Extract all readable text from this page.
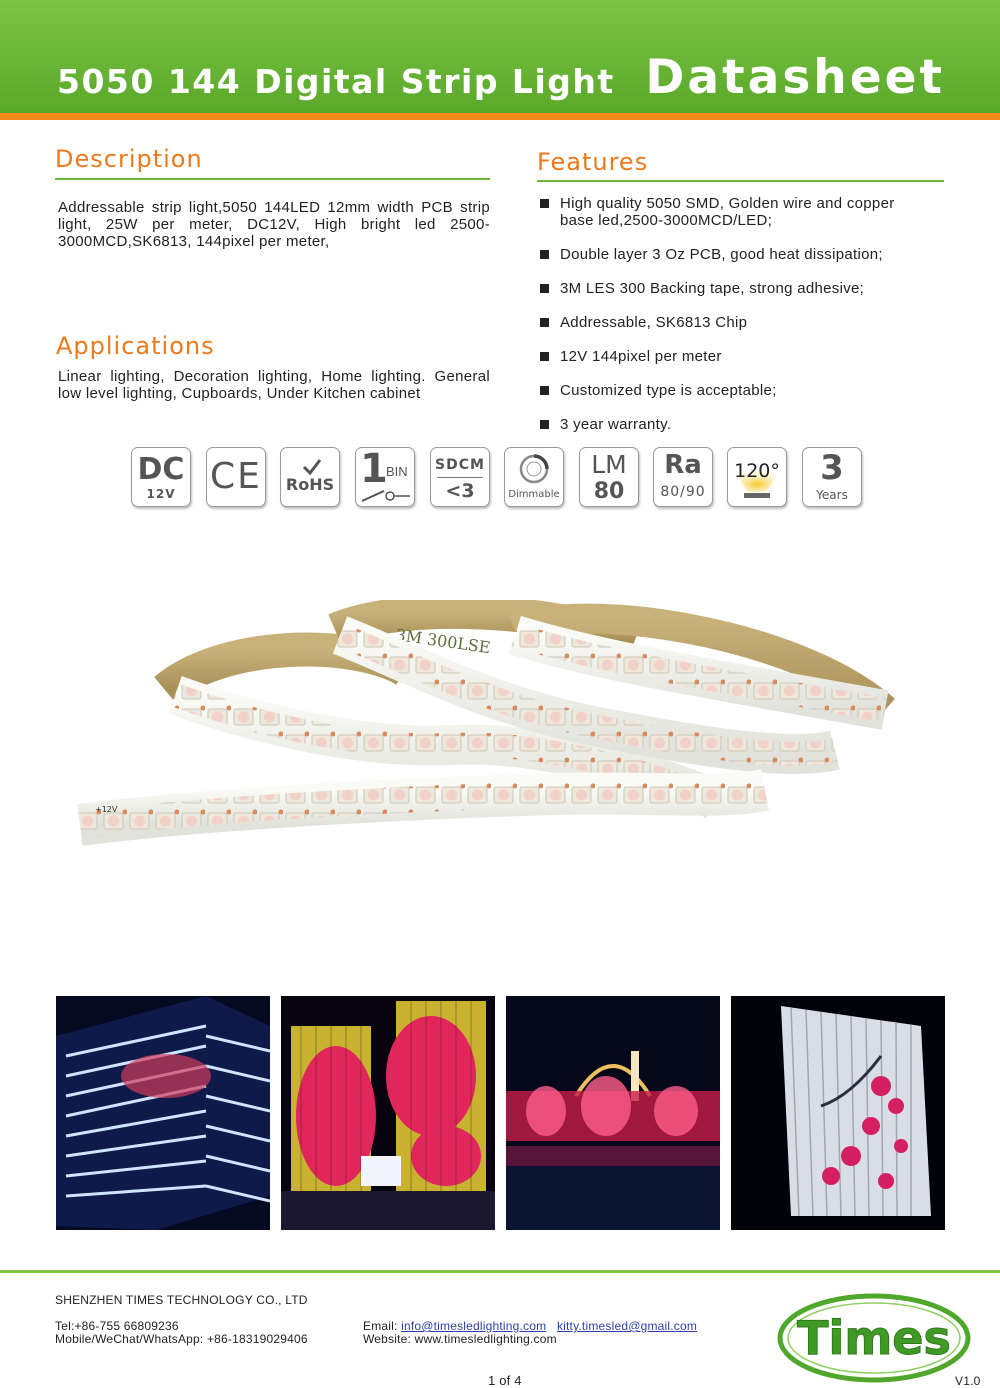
5050 144 Digital Strip Light Datasheet
Description
Addressable strip light,5050 144LED 12mm width PCB strip light, 25W per meter, DC12V, High bright led 2500-3000MCD,SK6813, 144pixel per meter,
Applications
Linear lighting, Decoration lighting, Home lighting. General low level lighting, Cupboards, Under Kitchen cabinet
Features
High quality 5050 SMD, Golden wire and copper base led,2500-3000MCD/LED;
Double layer 3 Oz PCB, good heat dissipation;
3M LES 300 Backing tape, strong adhesive;
Addressable, SK6813 Chip
12V 144pixel per meter
Customized type is acceptable;
3 year warranty.
DC
12V CE	RoHS 1
BIN SDCM
<3	Dimmable
LM
80
Ra
80/90
120°	3
Years
3M 300LSE
+12V
SHENZHEN TIMES TECHNOLOGY CO., LTD
Tel:+86-755 66809236
Mobile/WeChat/WhatsApp: +86-18319029406
Email: info@timesledlighting.com kitty.timesled@gmail.com
Website: www.timesledlighting.com
1 of 4	V1.0
Times
